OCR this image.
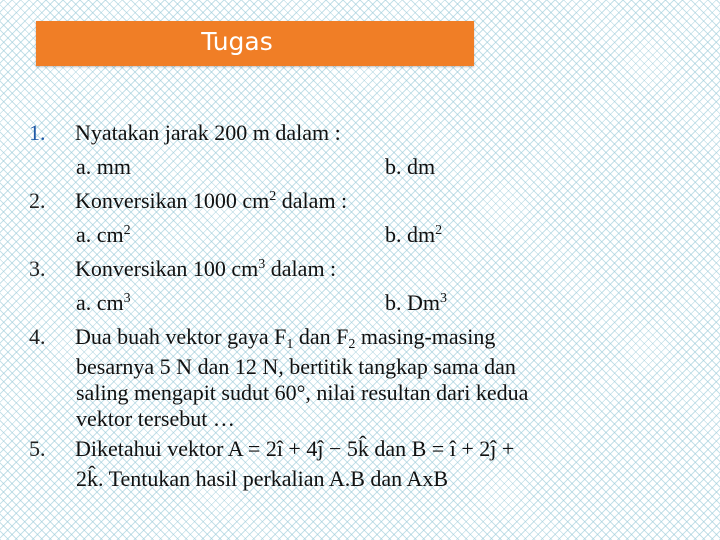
Tugas
1. Nyatakan jarak 200 m dalam :
a. mm	b. dm
2. Konversikan 1000 $cm^2$ dalam :
a. $cm^2$	b. $dm^2$
3. Konversikan 100 $cm^3$ dalam :
a. $cm^3$	b. Dm$^3$
4. Dua buah vektor gaya $F_1$ dan $F_2$ masing-masing
besarnya 5 N dan 12 N, bertitik tangkap sama dan
saling mengapit sudut 60°, nilai resultan dari kedua
vektor tersebut …
5. Diketahui vektor A = 2î + 4ĵ − 5k̂ dan B = î + 2ĵ +
2k̂. Tentukan hasil perkalian A.B dan AxB
